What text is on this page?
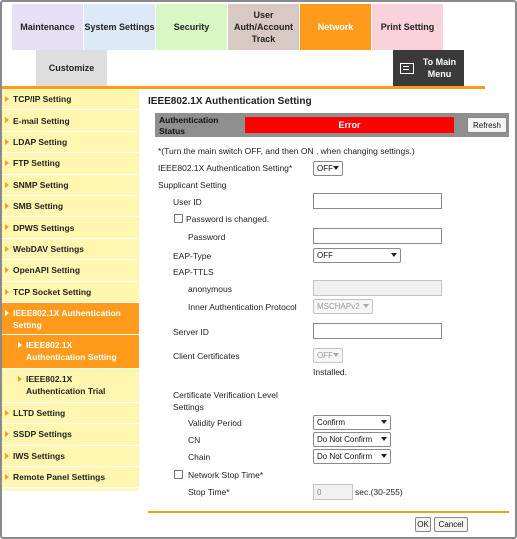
Maintenance	System Settings	Security
User Auth/Account Track
Network	Print Setting
Customize
To Main Menu
TCP/IP Setting
E-mail Setting
LDAP Setting
FTP Setting
SNMP Setting
SMB Setting
DPWS Settings
WebDAV Settings
OpenAPI Setting
TCP Socket Setting
IEEE802.1X Authentication Setting
IEEE802.1X Authentication Setting
IEEE802.1X Authentication Trial
LLTD Setting
SSDP Settings
IWS Settings
Remote Panel Settings
IEEE802.1X Authentication Setting
Authentication Status
Error	Refresh
*(Turn the main switch OFF, and then ON , when changing settings.)
IEEE802.1X Authentication Setting*	OFF
Supplicant Setting
User ID
Password is changed.
Password
EAP-Type	OFF
EAP-TTLS
anonymous
Inner Authentication Protocol	MSCHAPv2
Server ID
Client Certificates	OFF
Installed.
Certificate Verification Level Settings
Validity Period	Confirm
CN	Do Not Confirm
Chain	Do Not Confirm
Network Stop Time*
Stop Time*	0	sec.(30-255)
OK	Cancel
